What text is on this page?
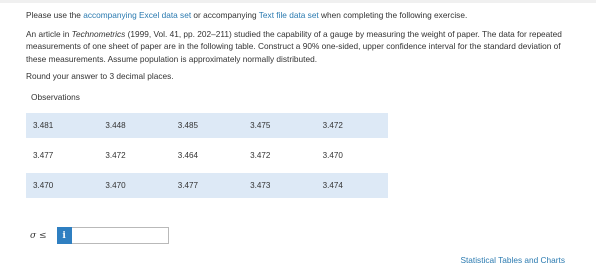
Please use the accompanying Excel data set or accompanying Text file data set when completing the following exercise.

An article in Technometrics (1999, Vol. 41, pp. 202–211) studied the capability of a gauge by measuring the weight of paper. The data for repeated measurements of one sheet of paper are in the following table. Construct a 90% one-sided, upper confidence interval for the standard deviation of these measurements. Assume population is approximately normally distributed.

Round your answer to 3 decimal places.

Observations
3.481	3.448	3.485	3.475	3.472

3.477	3.472	3.464	3.472	3.470

3.470	3.470	3.477	3.473	3.474
σ ≤	i
Statistical Tables and Charts
